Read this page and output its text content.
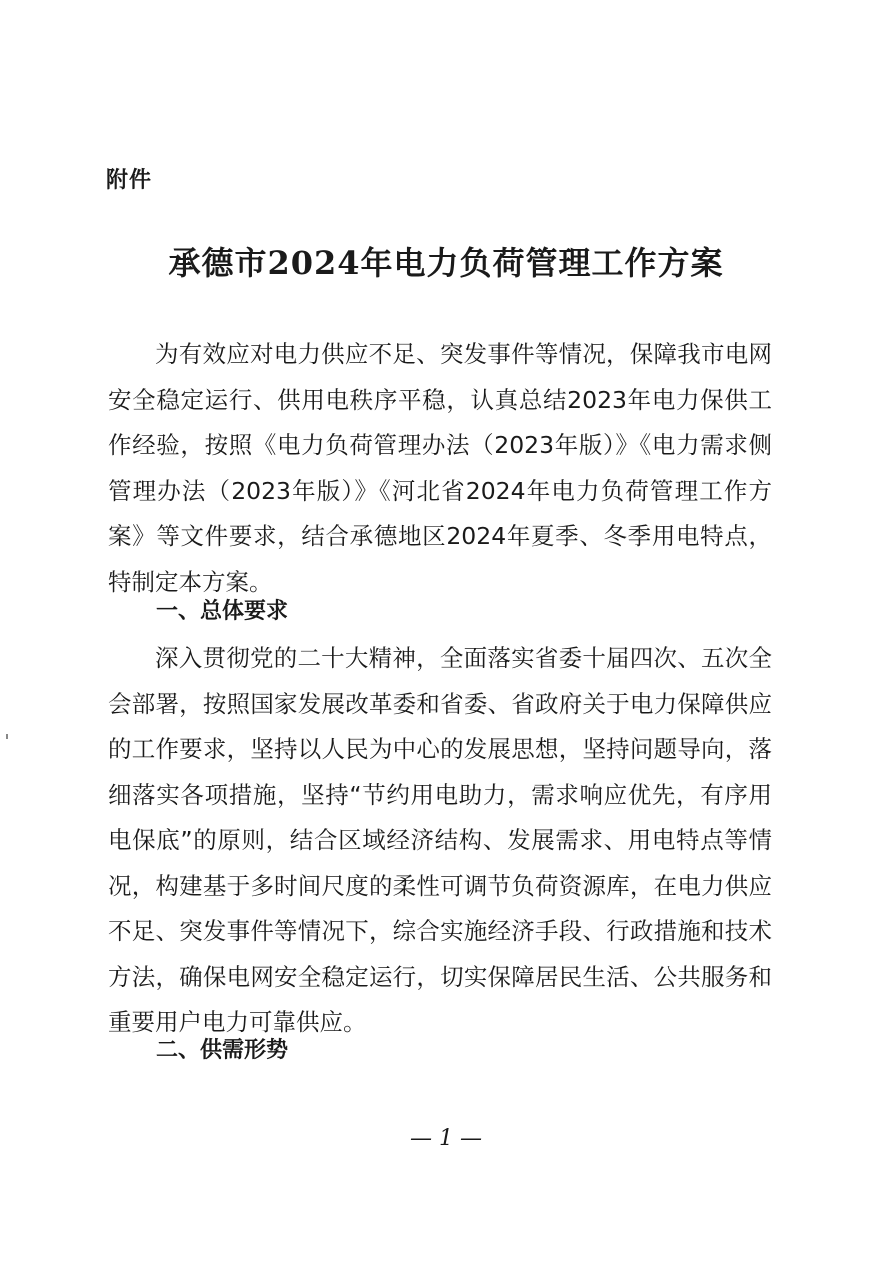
附件
承德市2024年电力负荷管理工作方案

为有效应对电力供应不足、突发事件等情况，保障我市电网安全稳定运行、供用电秩序平稳，认真总结2023年电力保供工作经验，按照《电力负荷管理办法（2023年版）》《电力需求侧管理办法（2023年版）》《河北省2024年电力负荷管理工作方案》等文件要求，结合承德地区2024年夏季、冬季用电特点，特制定本方案。

一、总体要求

深入贯彻党的二十大精神，全面落实省委十届四次、五次全会部署，按照国家发展改革委和省委、省政府关于电力保障供应的工作要求，坚持以人民为中心的发展思想，坚持问题导向，落细落实各项措施，坚持“节约用电助力，需求响应优先，有序用电保底”的原则，结合区域经济结构、发展需求、用电特点等情况，构建基于多时间尺度的柔性可调节负荷资源库，在电力供应不足、突发事件等情况下，综合实施经济手段、行政措施和技术方法，确保电网安全稳定运行，切实保障居民生活、公共服务和重要用户电力可靠供应。

二、供需形势
— 1 —
